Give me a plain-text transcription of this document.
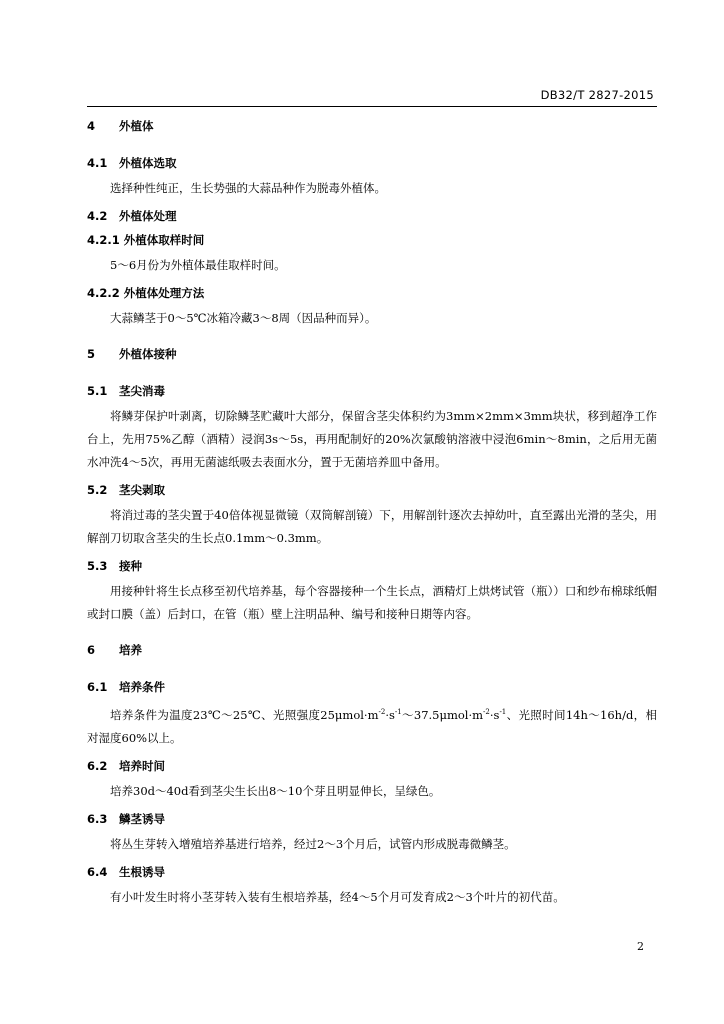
DB32/T 2827-2015
4 外植体
4.1 外植体选取

选择种性纯正，生长势强的大蒜品种作为脱毒外植体。

4.2 外植体处理
4.2.1 外植体取样时间

5～6月份为外植体最佳取样时间。

4.2.2 外植体处理方法

大蒜鳞茎于0～5℃冰箱冷藏3～8周（因品种而异）。

5 外植体接种
5.1 茎尖消毒

将鳞芽保护叶剥离，切除鳞茎贮藏叶大部分，保留含茎尖体积约为3mm×2mm×3mm块状，移到超净工作台上，先用75%乙醇（酒精）浸润3s～5s，再用配制好的20%次氯酸钠溶液中浸泡6min～8min，之后用无菌水冲洗4～5次，再用无菌滤纸吸去表面水分，置于无菌培养皿中备用。

5.2 茎尖剥取

将消过毒的茎尖置于40倍体视显微镜（双筒解剖镜）下，用解剖针逐次去掉幼叶，直至露出光滑的茎尖，用解剖刀切取含茎尖的生长点0.1mm～0.3mm。

5.3 接种

用接种针将生长点移至初代培养基，每个容器接种一个生长点，酒精灯上烘烤试管（瓶））口和纱布棉球纸帽或封口膜（盖）后封口，在管（瓶）壁上注明品种、编号和接种日期等内容。

6 培养
6.1 培养条件

培养条件为温度23℃～25℃、光照强度$25\mu mol\cdot m^{-2}\cdot s^{-1}\sim 37.5\mu mol\cdot m^{-2}\cdot s^{-1}$、光照时间14h～16h/d，相对湿度60%以上。

6.2 培养时间

培养30d～40d看到茎尖生长出8～10个芽且明显伸长，呈绿色。

6.3 鳞茎诱导

将丛生芽转入增殖培养基进行培养，经过2～3个月后，试管内形成脱毒微鳞茎。

6.4 生根诱导

有小叶发生时将小茎芽转入装有生根培养基，经4～5个月可发育成2～3个叶片的初代苗。

2
